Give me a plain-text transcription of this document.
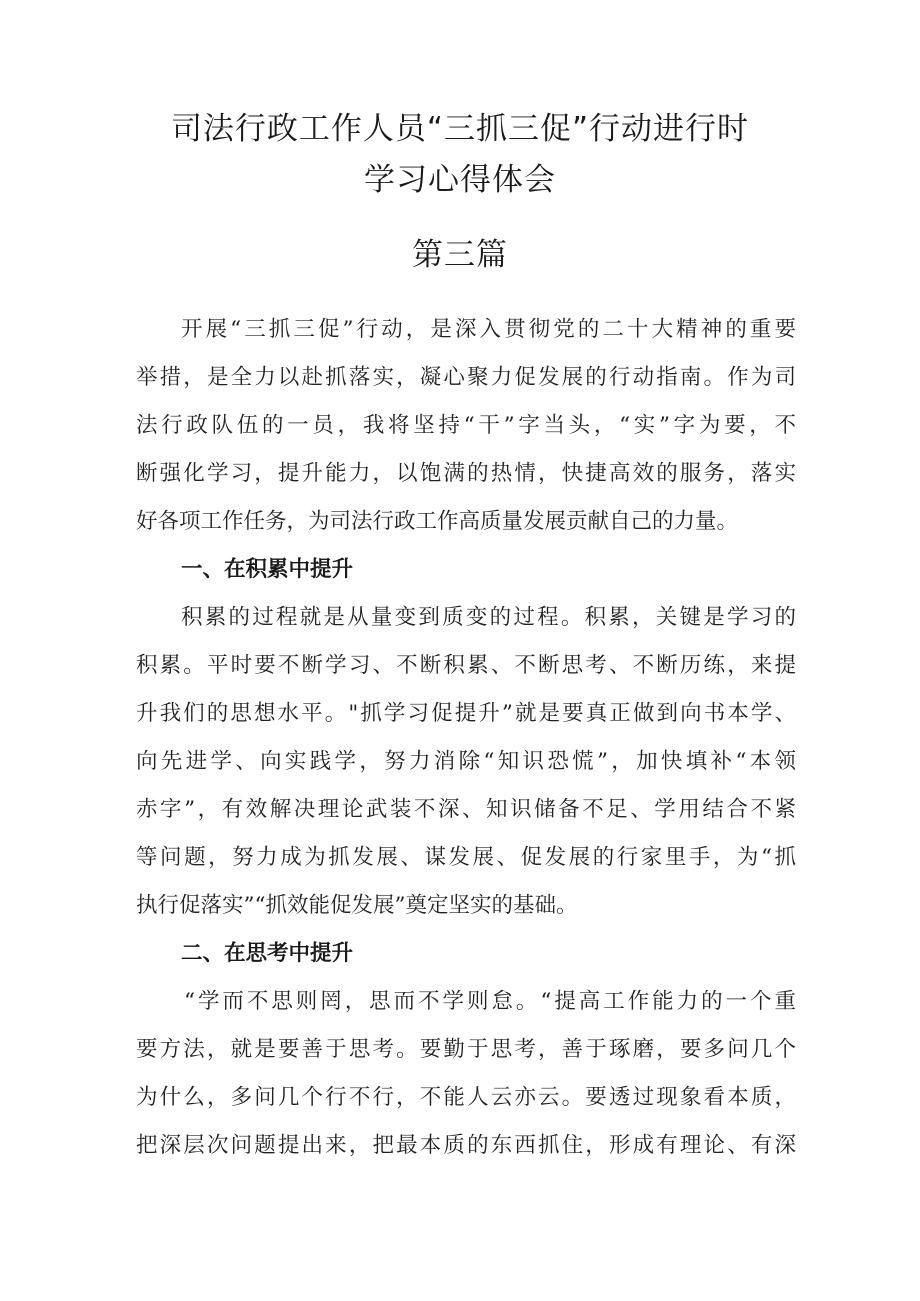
司法行政工作人员“三抓三促”行动进行时
学习心得体会
第三篇
开展“三抓三促”行动，是深入贯彻党的二十大精神的重要
举措，是全力以赴抓落实，凝心聚力促发展的行动指南。作为司
法行政队伍的一员，我将坚持“干”字当头，“实”字为要，不
断强化学习，提升能力，以饱满的热情，快捷高效的服务，落实
好各项工作任务，为司法行政工作高质量发展贡献自己的力量。
一、在积累中提升
积累的过程就是从量变到质变的过程。积累，关键是学习的
积累。平时要不断学习、不断积累、不断思考、不断历练，来提
升我们的思想水平。"抓学习促提升”就是要真正做到向书本学、
向先进学、向实践学，努力消除“知识恐慌”，加快填补“本领
赤字”，有效解决理论武装不深、知识储备不足、学用结合不紧
等问题，努力成为抓发展、谋发展、促发展的行家里手，为“抓
执行促落实”“抓效能促发展”奠定坚实的基础。
二、在思考中提升
“学而不思则罔，思而不学则怠。“提高工作能力的一个重
要方法，就是要善于思考。要勤于思考，善于琢磨，要多问几个
为什么，多问几个行不行，不能人云亦云。要透过现象看本质，
把深层次问题提出来，把最本质的东西抓住，形成有理论、有深
